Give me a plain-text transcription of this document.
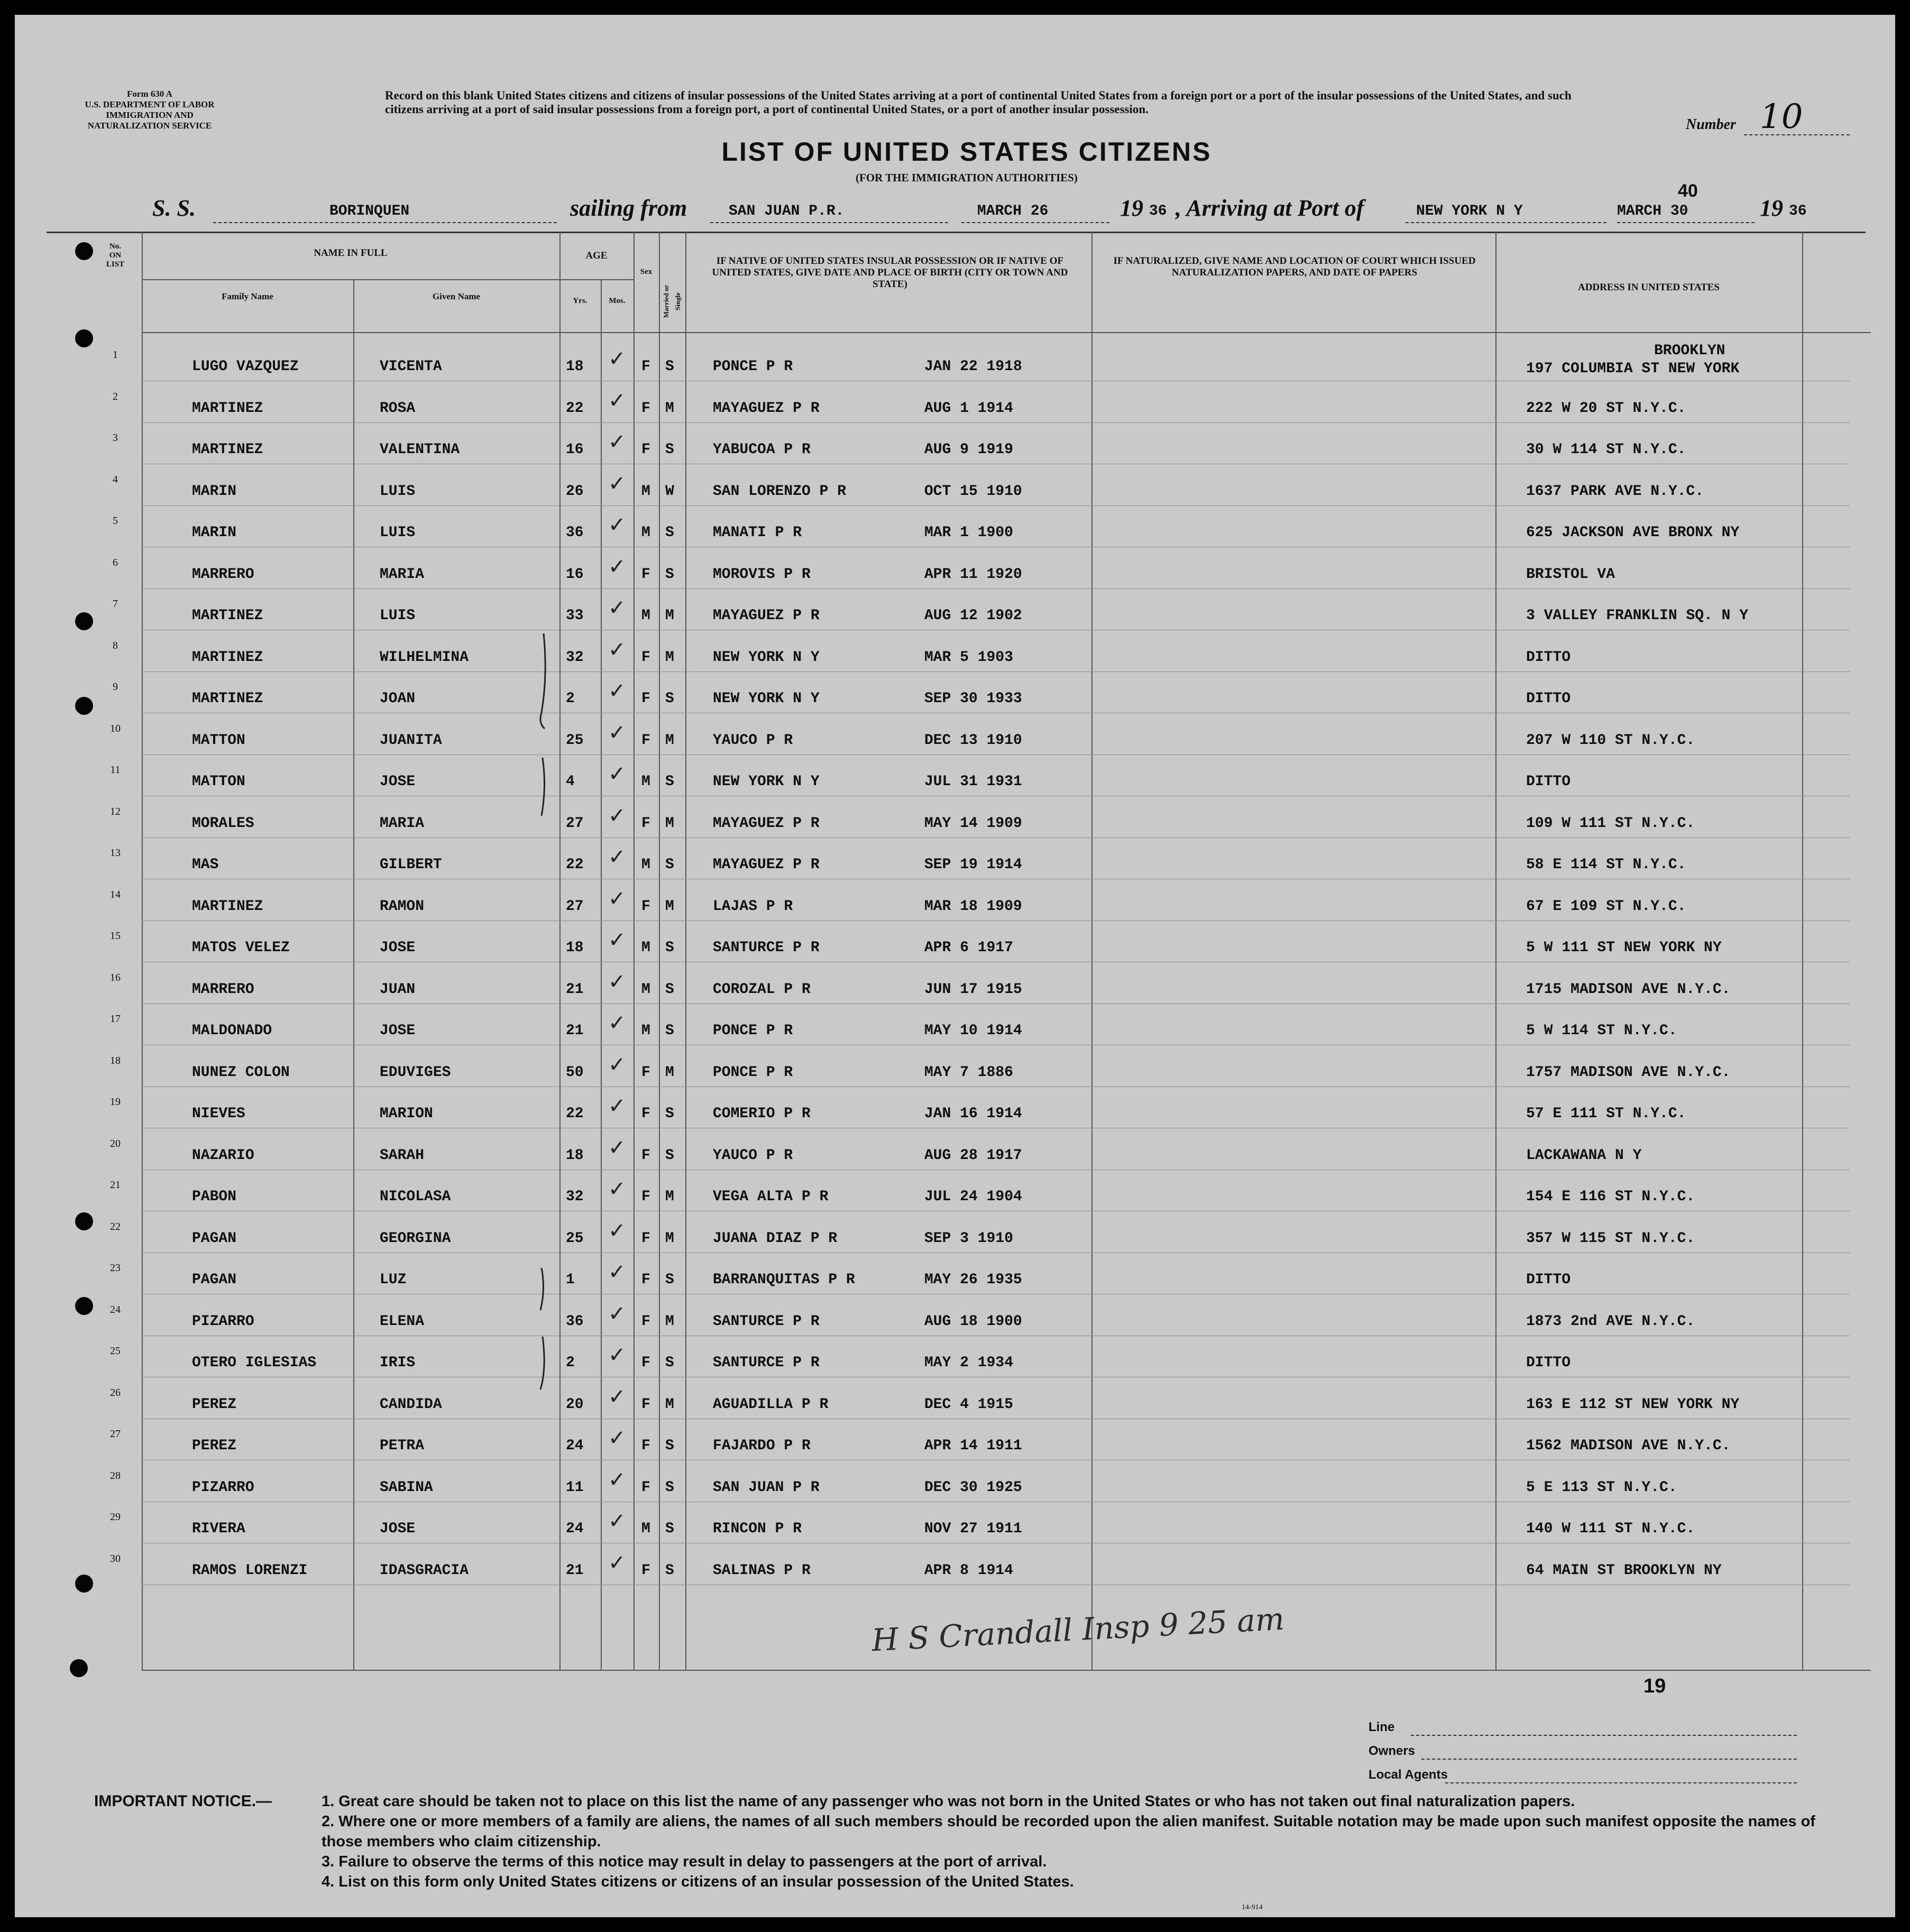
Form 630 A
U.S. DEPARTMENT OF LABOR
IMMIGRATION AND
NATURALIZATION SERVICE
Record on this blank United States citizens and citizens of insular possessions of the United States arriving at a port of continental United States from a foreign port or a port of the insular possessions of the United States, and such citizens arriving at a port of said insular possessions from a foreign port, a port of continental United States, or a port of another insular possession.
Number 10
LIST OF UNITED STATES CITIZENS
(FOR THE IMMIGRATION AUTHORITIES)
S. S.	BORINQUEN	sailing from	SAN JUAN P.R.	MARCH 26	19 36 , Arriving at Port of	NEW YORK N Y	MARCH 30
40
19 36
No.
ON
LIST
NAME IN FULL
Family Name	Given Name
AGE
Yrs.	Mos.
Sex
Married or Single
IF NATIVE OF UNITED STATES INSULAR POSSESSION OR IF NATIVE OF UNITED STATES, GIVE DATE AND PLACE OF BIRTH (CITY OR TOWN AND STATE)
IF NATURALIZED, GIVE NAME AND LOCATION OF COURT WHICH ISSUED NATURALIZATION PAPERS, AND DATE OF PAPERS
ADDRESS IN UNITED STATES
1
LUGO VAZQUEZ	VICENTA	18 ✓ F S	PONCE P R	JAN 22 1918
BROOKLYN
197 COLUMBIA ST NEW YORK
2
MARTINEZ	ROSA	22 ✓ F M	MAYAGUEZ P R	AUG 1 1914	222 W 20 ST N.Y.C.
3
MARTINEZ	VALENTINA	16 ✓ F S	YABUCOA P R	AUG 9 1919	30 W 114 ST N.Y.C.
4
MARIN	LUIS	26 ✓ M W	SAN LORENZO P R	OCT 15 1910	1637 PARK AVE N.Y.C.
5
MARIN	LUIS	36 ✓ M S	MANATI P R	MAR 1 1900	625 JACKSON AVE BRONX NY
6
MARRERO	MARIA	16 ✓ F S	MOROVIS P R	APR 11 1920	BRISTOL VA
7
MARTINEZ	LUIS	33 ✓ M M	MAYAGUEZ P R	AUG 12 1902	3 VALLEY FRANKLIN SQ. N Y
8
MARTINEZ	WILHELMINA	32 ✓ F M	NEW YORK N Y	MAR 5 1903	DITTO
9
MARTINEZ	JOAN	2 ✓ F S	NEW YORK N Y	SEP 30 1933	DITTO
10
MATTON	JUANITA	25 ✓ F M	YAUCO P R	DEC 13 1910	207 W 110 ST N.Y.C.
11
MATTON	JOSE	4 ✓ M S	NEW YORK N Y	JUL 31 1931	DITTO
12
MORALES	MARIA	27 ✓ F M	MAYAGUEZ P R	MAY 14 1909	109 W 111 ST N.Y.C.
13
MAS	GILBERT	22 ✓ M S	MAYAGUEZ P R	SEP 19 1914	58 E 114 ST N.Y.C.
14
MARTINEZ	RAMON	27 ✓ F M	LAJAS P R	MAR 18 1909	67 E 109 ST N.Y.C.
15
MATOS VELEZ	JOSE	18 ✓ M S	SANTURCE P R	APR 6 1917	5 W 111 ST NEW YORK NY
16
MARRERO	JUAN	21 ✓ M S	COROZAL P R	JUN 17 1915	1715 MADISON AVE N.Y.C.
17
MALDONADO	JOSE	21 ✓ M S	PONCE P R	MAY 10 1914	5 W 114 ST N.Y.C.
18
NUNEZ COLON	EDUVIGES	50 ✓ F M	PONCE P R	MAY 7 1886	1757 MADISON AVE N.Y.C.
19
NIEVES	MARION	22 ✓ F S	COMERIO P R	JAN 16 1914	57 E 111 ST N.Y.C.
20
NAZARIO	SARAH	18 ✓ F S	YAUCO P R	AUG 28 1917	LACKAWANA N Y
21
PABON	NICOLASA	32 ✓ F M	VEGA ALTA P R	JUL 24 1904	154 E 116 ST N.Y.C.
22
PAGAN	GEORGINA	25 ✓ F M	JUANA DIAZ P R	SEP 3 1910	357 W 115 ST N.Y.C.
23
PAGAN	LUZ	1 ✓ F S	BARRANQUITAS P R	MAY 26 1935	DITTO
24
PIZARRO	ELENA	36 ✓ F M	SANTURCE P R	AUG 18 1900	1873 2nd AVE N.Y.C.
25
OTERO IGLESIAS	IRIS	2 ✓ F S	SANTURCE P R	MAY 2 1934	DITTO
26
PEREZ	CANDIDA	20 ✓ F M	AGUADILLA P R	DEC 4 1915	163 E 112 ST NEW YORK NY
27
PEREZ	PETRA	24 ✓ F S	FAJARDO P R	APR 14 1911	1562 MADISON AVE N.Y.C.
28
PIZARRO	SABINA	11 ✓ F S	SAN JUAN P R	DEC 30 1925	5 E 113 ST N.Y.C.
29
RIVERA	JOSE	24 ✓ M S	RINCON P R	NOV 27 1911	140 W 111 ST N.Y.C.
30
RAMOS LORENZI	IDASGRACIA	21 ✓ F S	SALINAS P R	APR 8 1914	64 MAIN ST BROOKLYN NY
H S Crandall Insp 9 25 am
19
Line
Owners
Local Agents
IMPORTANT NOTICE.—	1. Great care should be taken not to place on this list the name of any passenger who was not born in the United States or who has not taken out final naturalization papers.
2. Where one or more members of a family are aliens, the names of all such members should be recorded upon the alien manifest. Suitable notation may be made upon such manifest opposite the names of those members who claim citizenship.
3. Failure to observe the terms of this notice may result in delay to passengers at the port of arrival.
4. List on this form only United States citizens or citizens of an insular possession of the United States.
14-914
